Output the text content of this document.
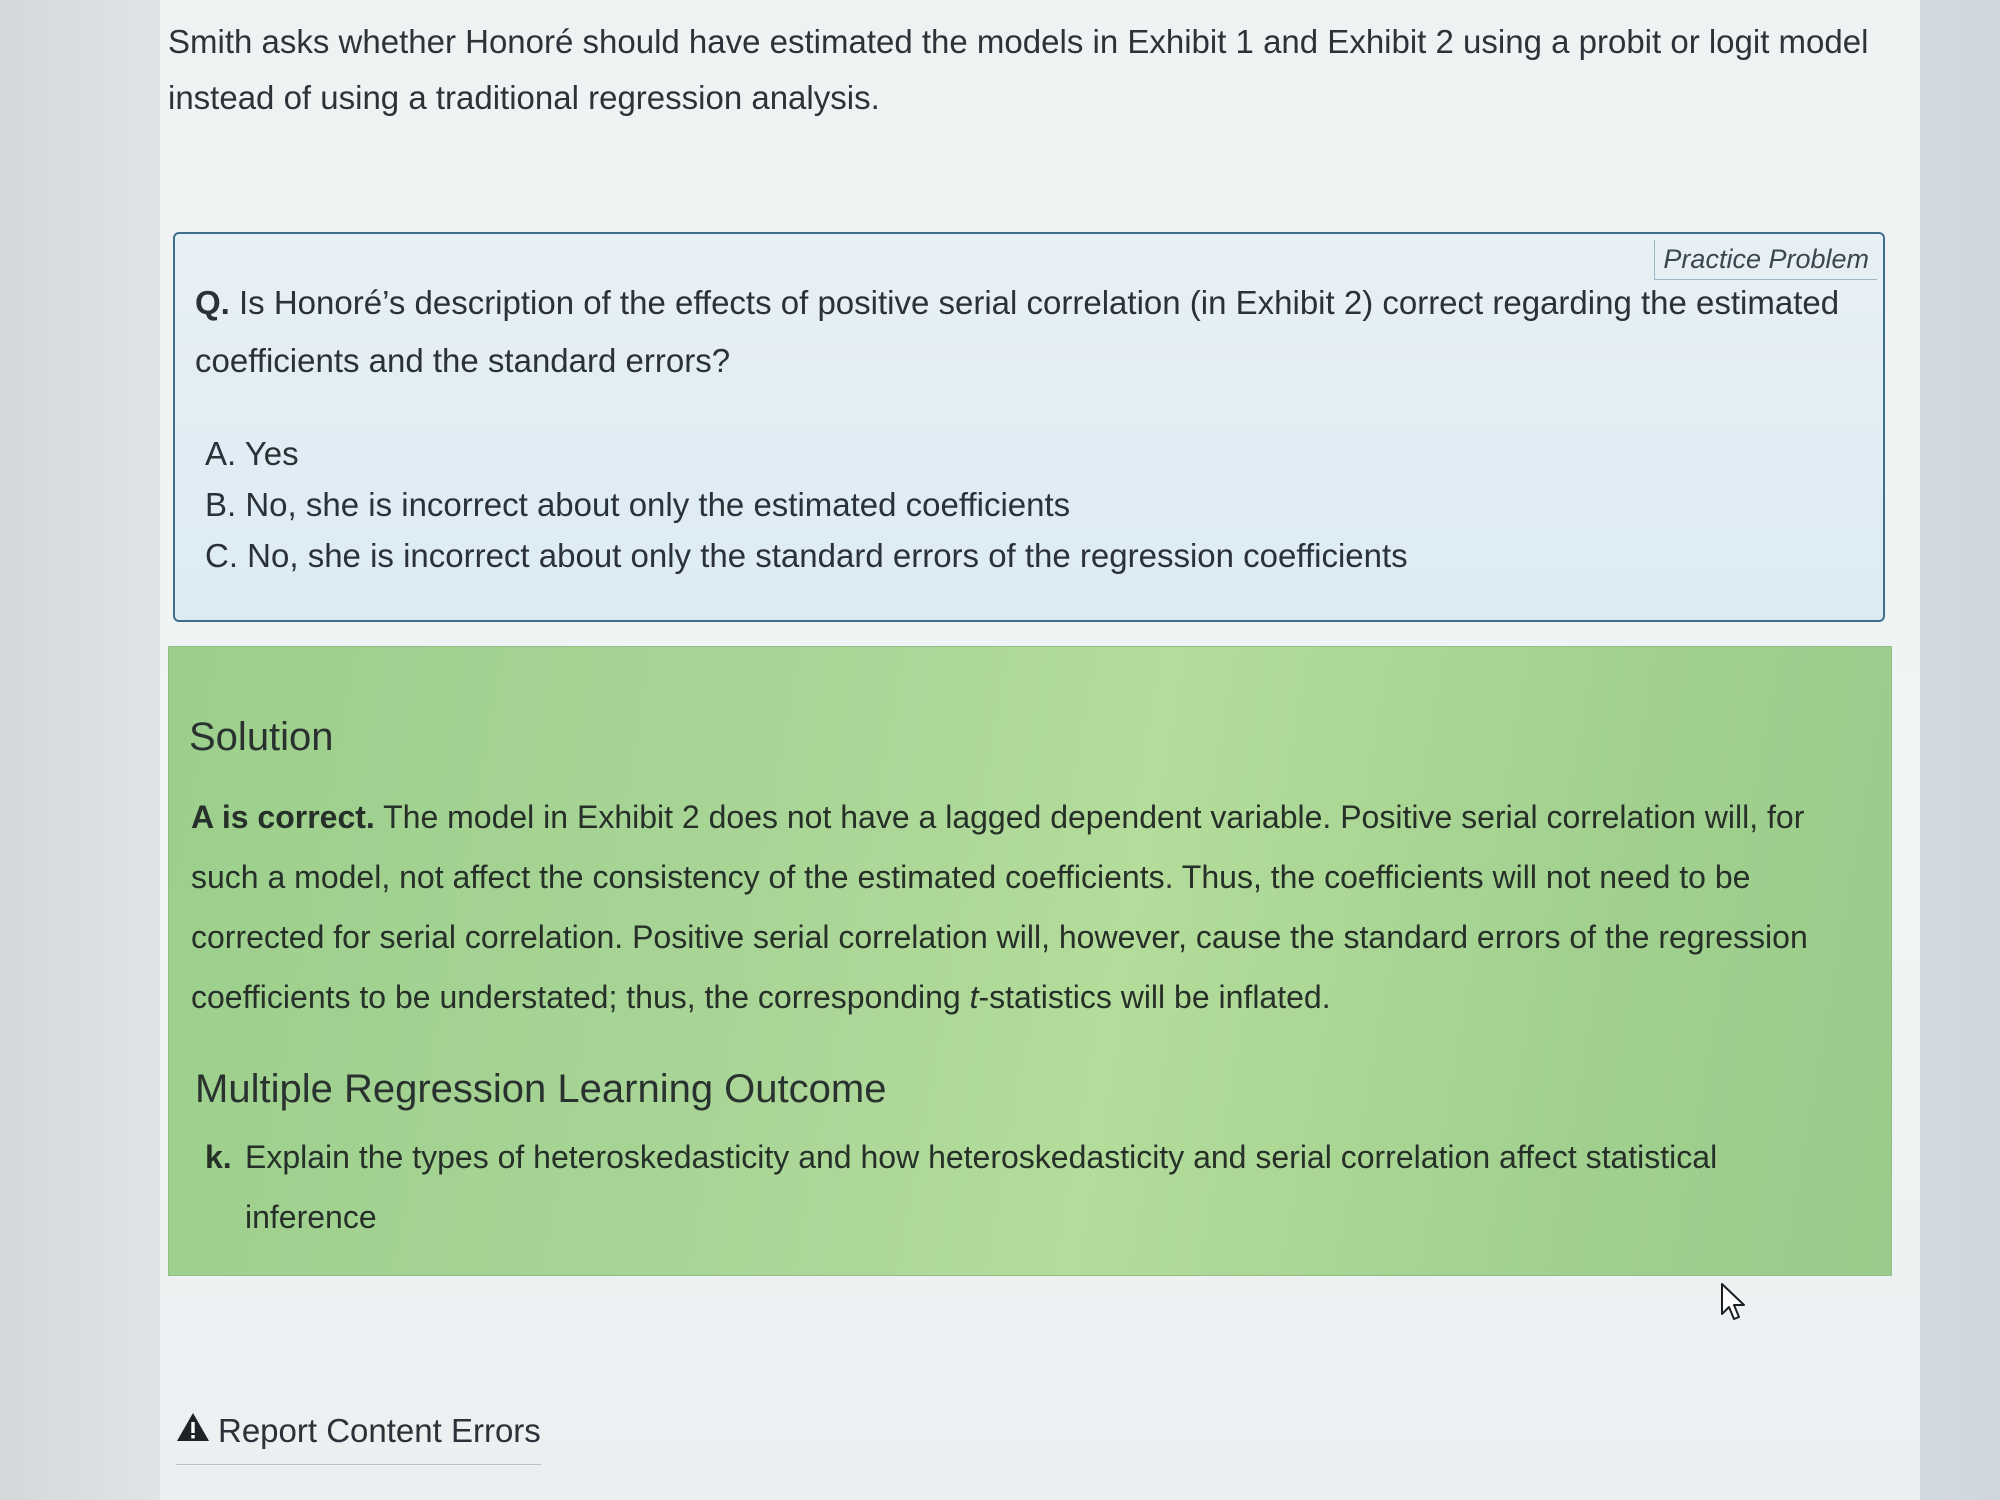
Smith asks whether Honoré should have estimated the models in Exhibit 1 and Exhibit 2 using a probit or logit model instead of using a traditional regression analysis.
Practice Problem
Q. Is Honoré’s description of the effects of positive serial correlation (in Exhibit 2) correct regarding the estimated coefficients and the standard errors?
A. Yes
B. No, she is incorrect about only the estimated coefficients
C. No, she is incorrect about only the standard errors of the regression coefficients
Solution
A is correct. The model in Exhibit 2 does not have a lagged dependent variable. Positive serial correlation will, for such a model, not affect the consistency of the estimated coefficients. Thus, the coefficients will not need to be corrected for serial correlation. Positive serial correlation will, however, cause the standard errors of the regression coefficients to be understated; thus, the corresponding t-statistics will be inflated.
Multiple Regression Learning Outcome
k. Explain the types of heteroskedasticity and how heteroskedasticity and serial correlation affect statistical inference
Report Content Errors
